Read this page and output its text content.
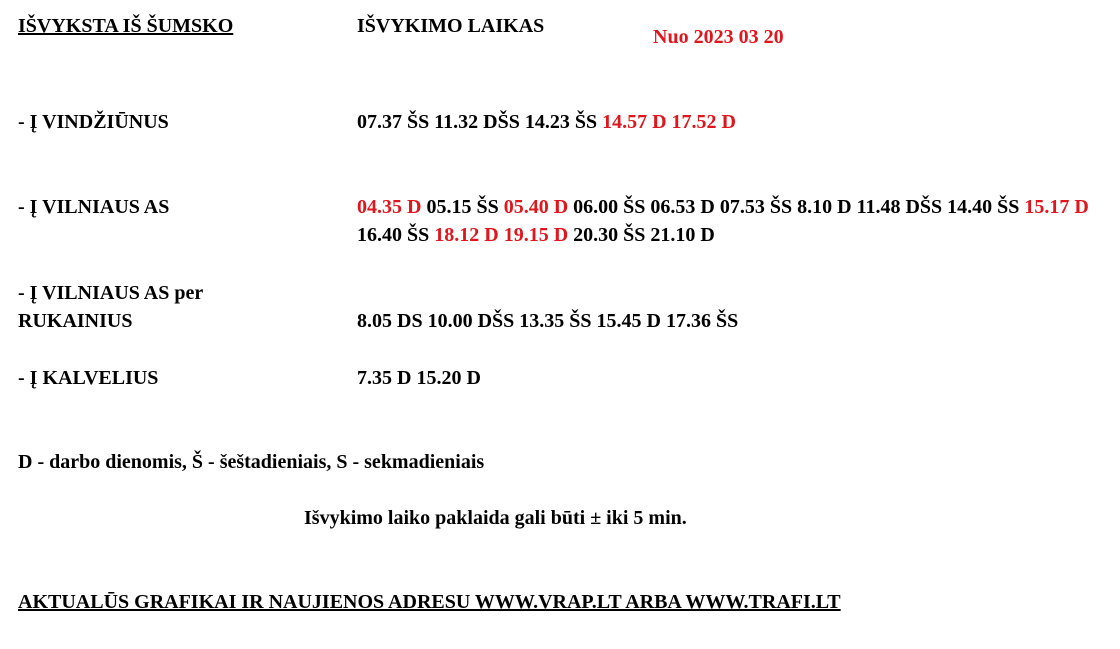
IŠVYKSTA IŠ ŠUMSKO	IŠVYKIMO LAIKAS	Nuo 2023 03 20
- Į VINDŽIŪNUS	07.37 ŠS 11.32 DŠS 14.23 ŠS 14.57 D 17.52 D
- Į VILNIAUS AS	04.35 D 05.15 ŠS 05.40 D 06.00 ŠS 06.53 D 07.53 ŠS 8.10 D 11.48 DŠS 14.40 ŠS 15.17 D 16.40 ŠS 18.12 D 19.15 D 20.30 ŠS 21.10 D
- Į VILNIAUS AS per
RUKAINIUS	8.05 DS 10.00 DŠS 13.35 ŠS 15.45 D 17.36 ŠS
- Į KALVELIUS	7.35 D 15.20 D
D - darbo dienomis, Š - šeštadieniais, S - sekmadieniais
Išvykimo laiko paklaida gali būti ± iki 5 min.
AKTUALŪS GRAFIKAI IR NAUJIENOS ADRESU WWW.VRAP.LT ARBA WWW.TRAFI.LT
